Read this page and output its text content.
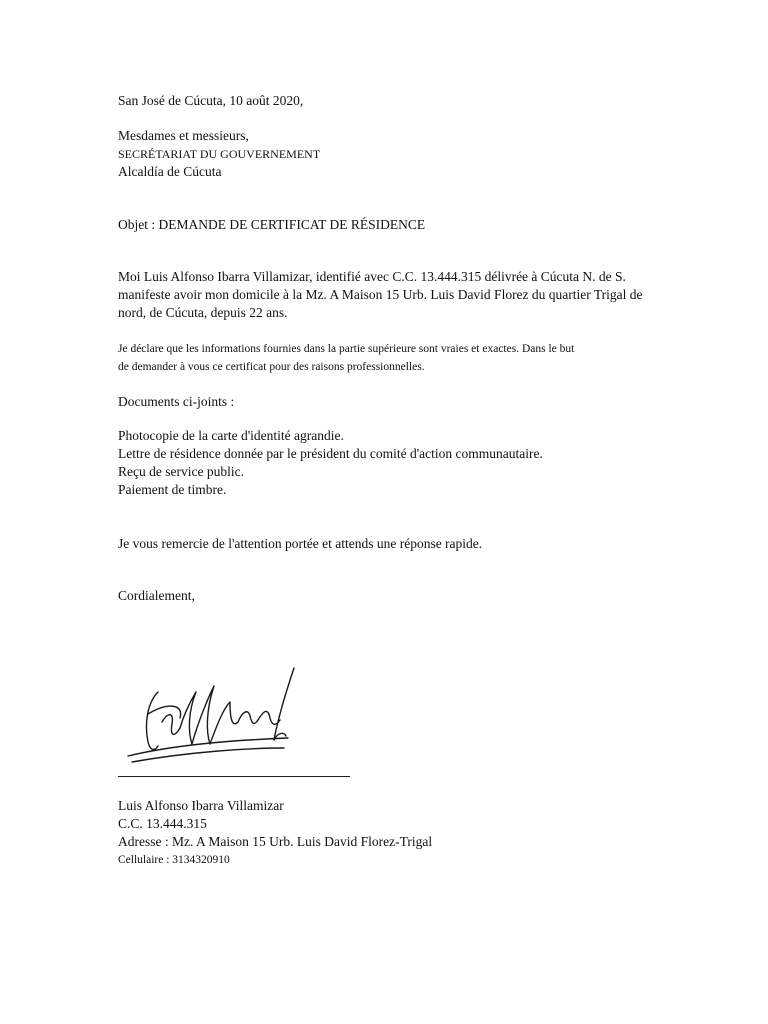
San José de Cúcuta, 10 août 2020,
Mesdames et messieurs,
SECRÉTARIAT DU GOUVERNEMENT
Alcaldía de Cúcuta
Objet : DEMANDE DE CERTIFICAT DE RÉSIDENCE
Moi Luis Alfonso Ibarra Villamizar, identifié avec C.C. 13.444.315 délivrée à Cúcuta N. de S.
manifeste avoir mon domicile à la Mz. A Maison 15 Urb. Luis David Florez du quartier Trigal de
nord, de Cúcuta, depuis 22 ans.
Je déclare que les informations fournies dans la partie supérieure sont vraies et exactes. Dans le but
de demander à vous ce certificat pour des raisons professionnelles.
Documents ci-joints :
Photocopie de la carte d'identité agrandie.
Lettre de résidence donnée par le président du comité d'action communautaire.
Reçu de service public.
Paiement de timbre.
Je vous remercie de l'attention portée et attends une réponse rapide.
Cordialement,
Luis Alfonso Ibarra Villamizar
C.C. 13.444.315
Adresse : Mz. A Maison 15 Urb. Luis David Florez-Trigal
Cellulaire : 3134320910
